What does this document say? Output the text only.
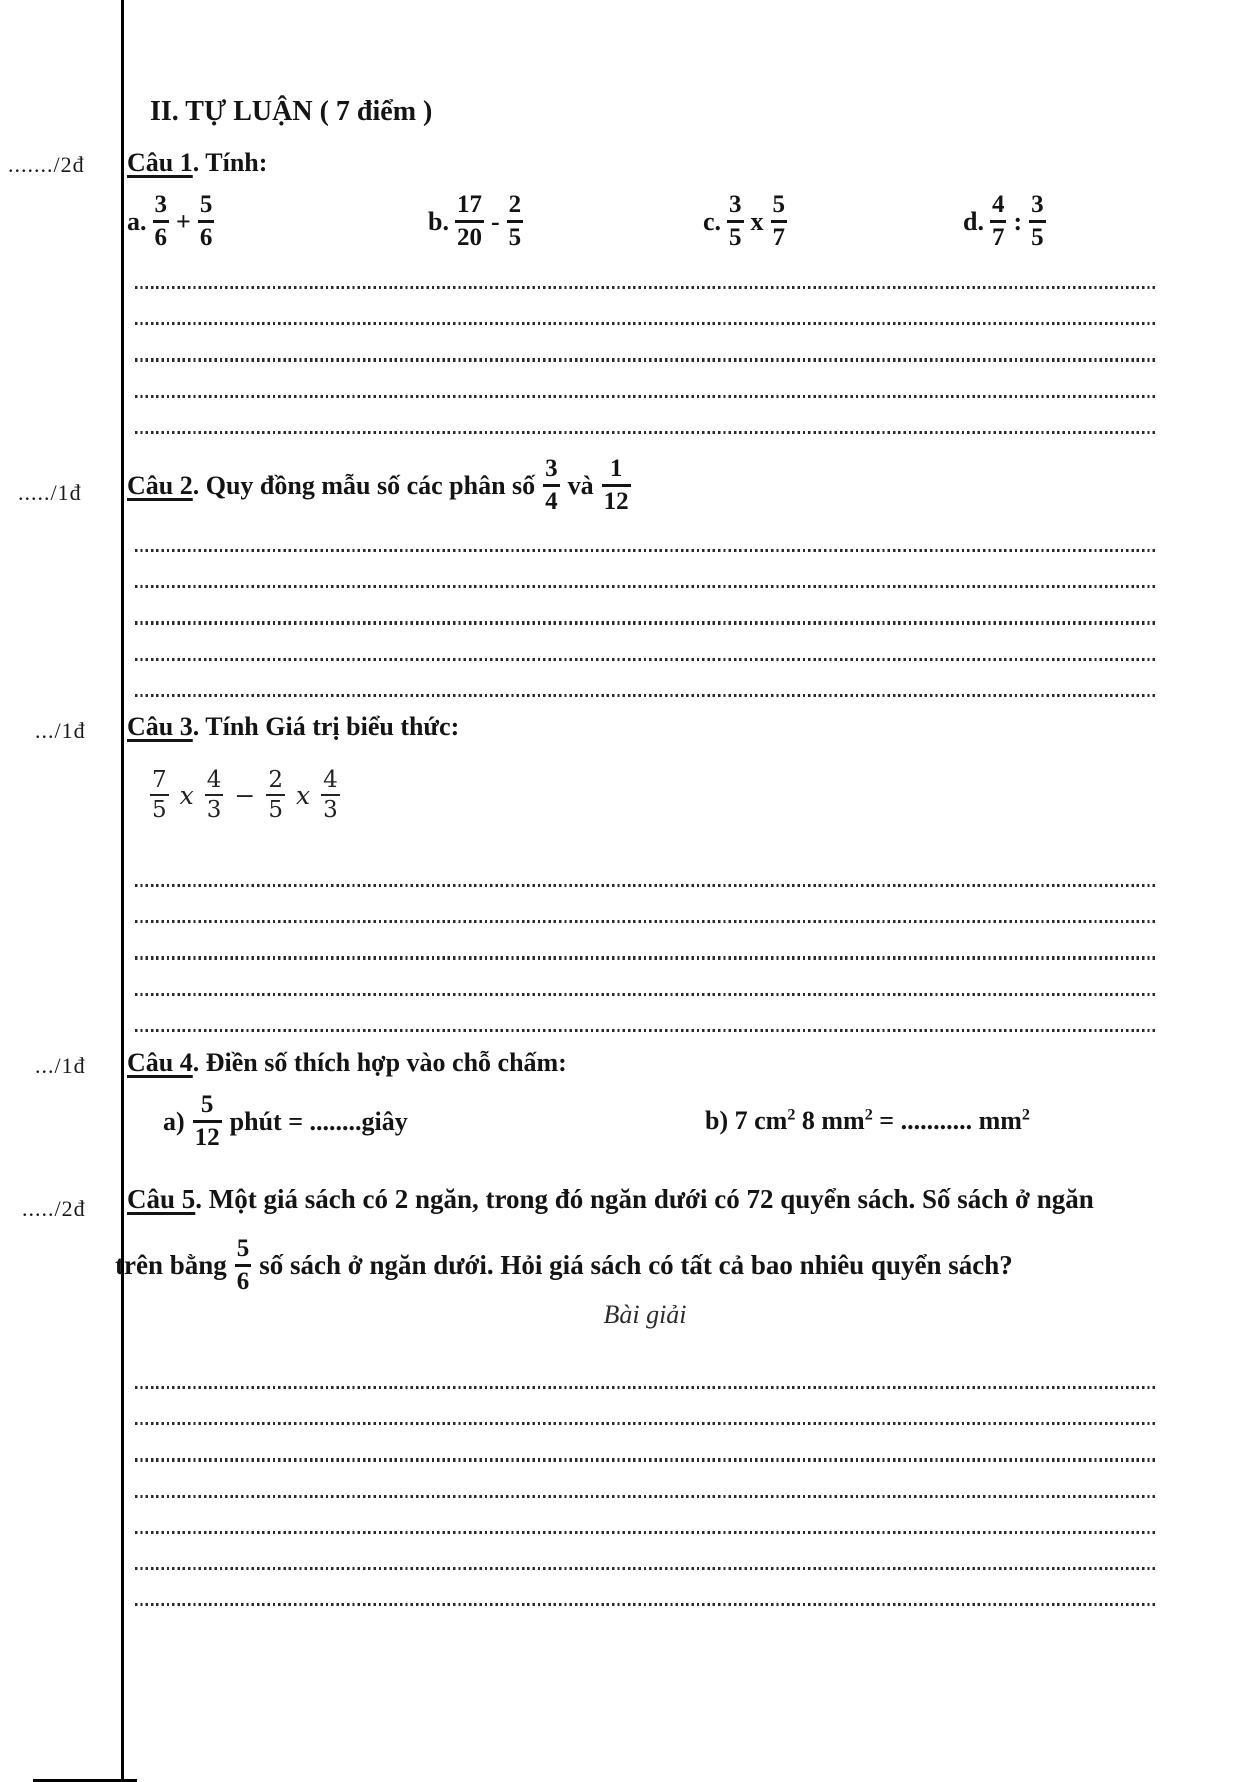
II. TỰ LUẬN ( 7 điểm )
......./2đ
...../1đ
.../1đ
.../1đ
...../2đ
Câu 1. Tính:
a. $\frac{3}{6} + \frac{5}{6}$	b. $\frac{17}{20} - \frac{2}{5}$	c. $\frac{3}{5}$ x $\frac{5}{7}$	d. $\frac{4}{7}$ : $\frac{3}{5}$
Câu 2 . Quy đồng mẫu số các phân số $\frac{3}{4}$ và $\frac{1}{12}$
Câu 3. Tính Giá trị biểu thức:
$\frac{7}{5}$ x $\frac{4}{3} - \frac{2}{5}$ x $\frac{4}{3}$
Câu 4. Điền số thích hợp vào chỗ chấm:
$a) \frac{5}{12}$ phút = ........giây	b) 7 $cm^2$ 8 $mm^2$ = ........... $mm^2$
Câu 5. Một giá sách có 2 ngăn, trong đó ngăn dưới có 72 quyển sách. Số sách ở ngăn
trên bằng $\frac{5}{6}$ số sách ở ngăn dưới. Hỏi giá sách có tất cả bao nhiêu quyển sách?
Bài giải
